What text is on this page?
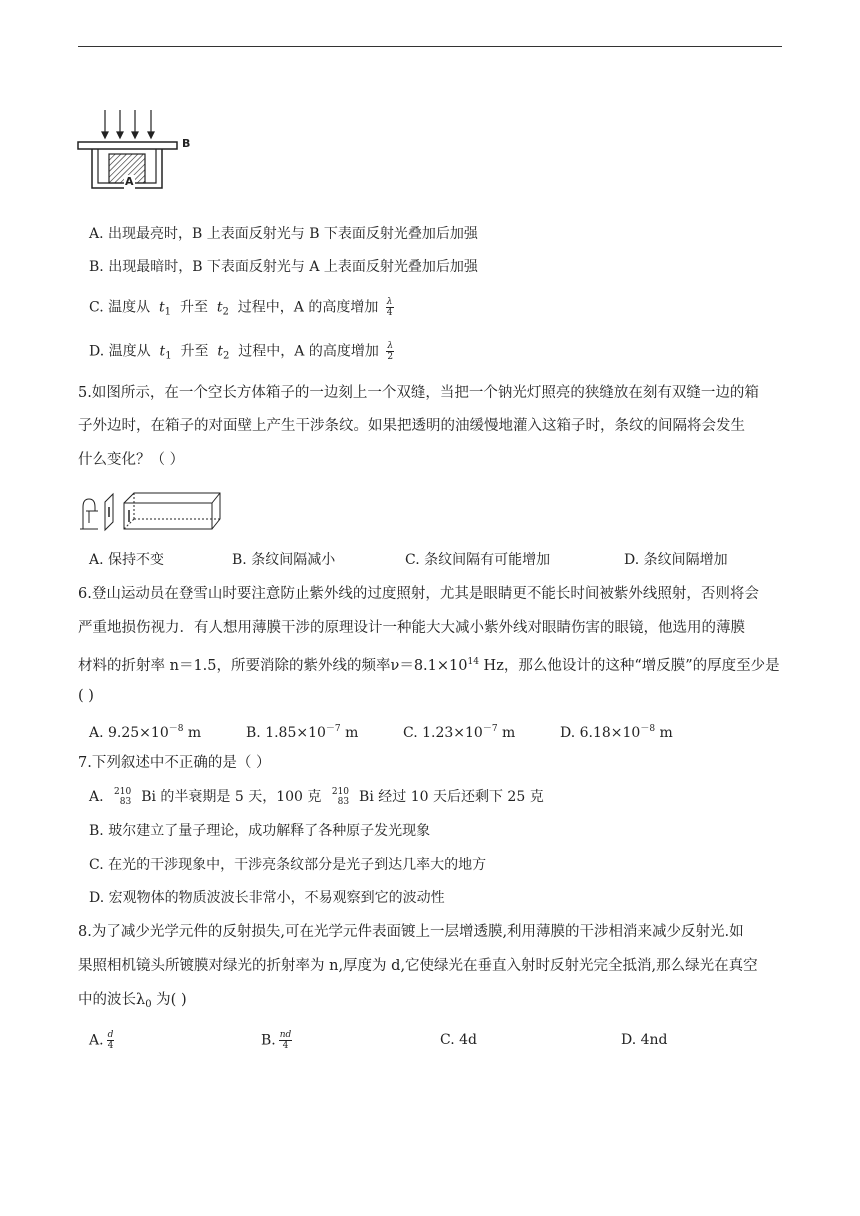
B
A
A. 出现最亮时，B 上表面反射光与 B 下表面反射光叠加后加强
B. 出现最暗时，B 下表面反射光与 A 上表面反射光叠加后加强
C. 温度从 $t_1$ 升至 $t_2$ 过程中，A 的高度增加 $\frac{\lambda}{4}$
D. 温度从 $t_1$ 升至 $t_2$ 过程中，A 的高度增加 $\frac{\lambda}{2}$
5.如图所示，在一个空长方体箱子的一边刻上一个双缝，当把一个钠光灯照亮的狭缝放在刻有双缝一边的箱
子外边时，在箱子的对面壁上产生干涉条纹。如果把透明的油缓慢地灌入这箱子时，条纹的间隔将会发生
什么变化？（ ）
A. 保持不变	B. 条纹间隔减小	C. 条纹间隔有可能增加	D. 条纹间隔增加
6.登山运动员在登雪山时要注意防止紫外线的过度照射，尤其是眼睛更不能长时间被紫外线照射，否则将会
严重地损伤视力．有人想用薄膜干涉的原理设计一种能大大减小紫外线对眼睛伤害的眼镜，他选用的薄膜
材料的折射率 n＝1.5，所要消除的紫外线的频率$\nu=8.1\times 10^{14}$ Hz，那么他设计的这种“增反膜”的厚度至少是
( )
A. $9.25\times 10^{-8}$ m	B. $1.85\times 10^{-7}$ m	C. $1.23\times 10^{-7}$ m	D. $6.18\times 10^{-8}$ m
7.下列叙述中不正确的是（ ）
A. 210
83 Bi 的半衰期是 5 天，100 克 210
83 Bi 经过 10 天后还剩下 25 克
B. 玻尔建立了量子理论，成功解释了各种原子发光现象
C. 在光的干涉现象中，干涉亮条纹部分是光子到达几率大的地方
D. 宏观物体的物质波波长非常小，不易观察到它的波动性
8.为了减少光学元件的反射损失,可在光学元件表面镀上一层增透膜,利用薄膜的干涉相消来减少反射光.如
果照相机镜头所镀膜对绿光的折射率为 n,厚度为 d,它使绿光在垂直入射时反射光完全抵消,那么绿光在真空
中的波长$\lambda_0$ 为( )
A. $\frac{d}{4}$	B. $\frac{nd}{4}$	C. 4d	D. 4nd
